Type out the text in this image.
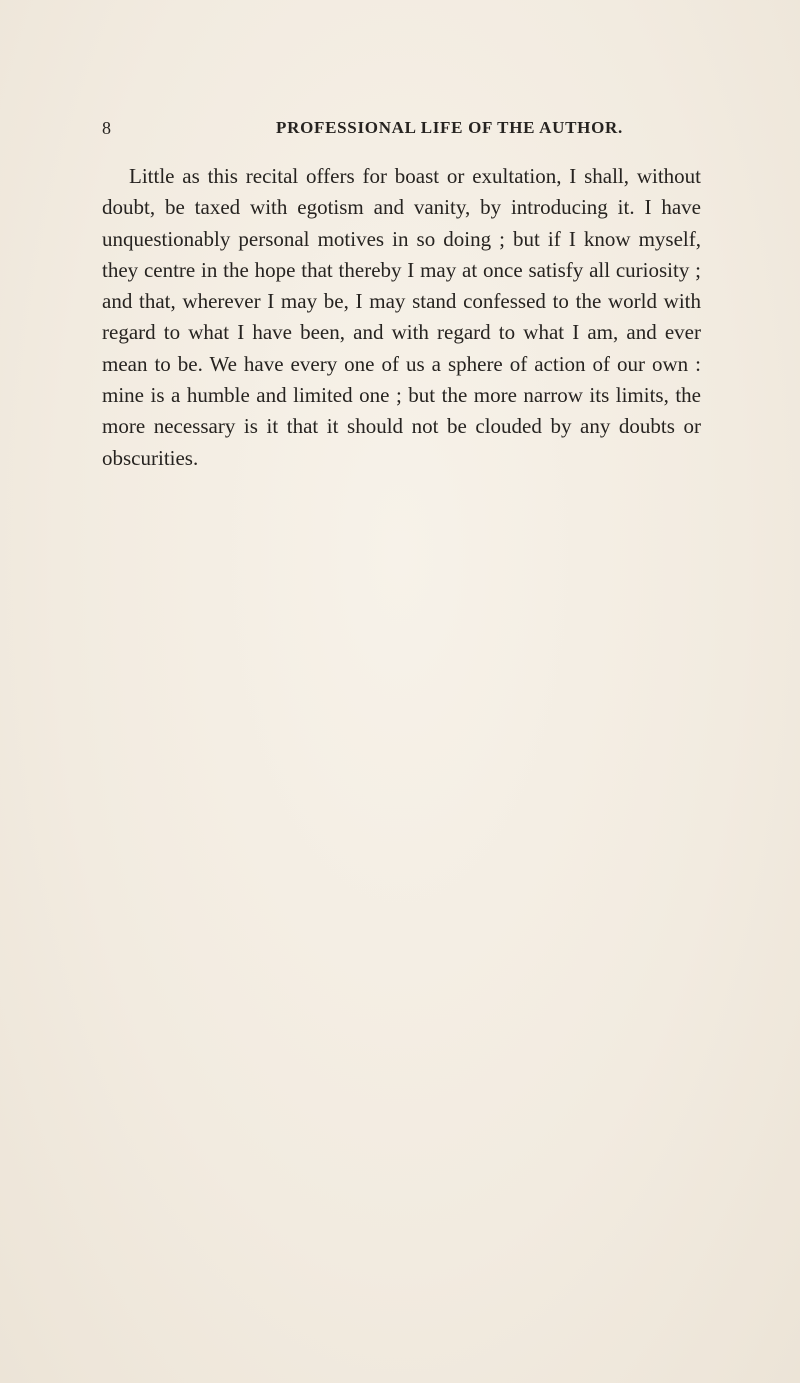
8	PROFESSIONAL LIFE OF THE AUTHOR.

Little as this recital offers for boast or exultation, I shall, without doubt, be taxed with egotism and vanity, by introducing it. I have unquestionably personal motives in so doing ; but if I know myself, they centre in the hope that thereby I may at once satisfy all curiosity ; and that, wherever I may be, I may stand confessed to the world with regard to what I have been, and with regard to what I am, and ever mean to be. We have every one of us a sphere of action of our own : mine is a humble and limited one ; but the more narrow its limits, the more necessary is it that it should not be clouded by any doubts or obscurities.
